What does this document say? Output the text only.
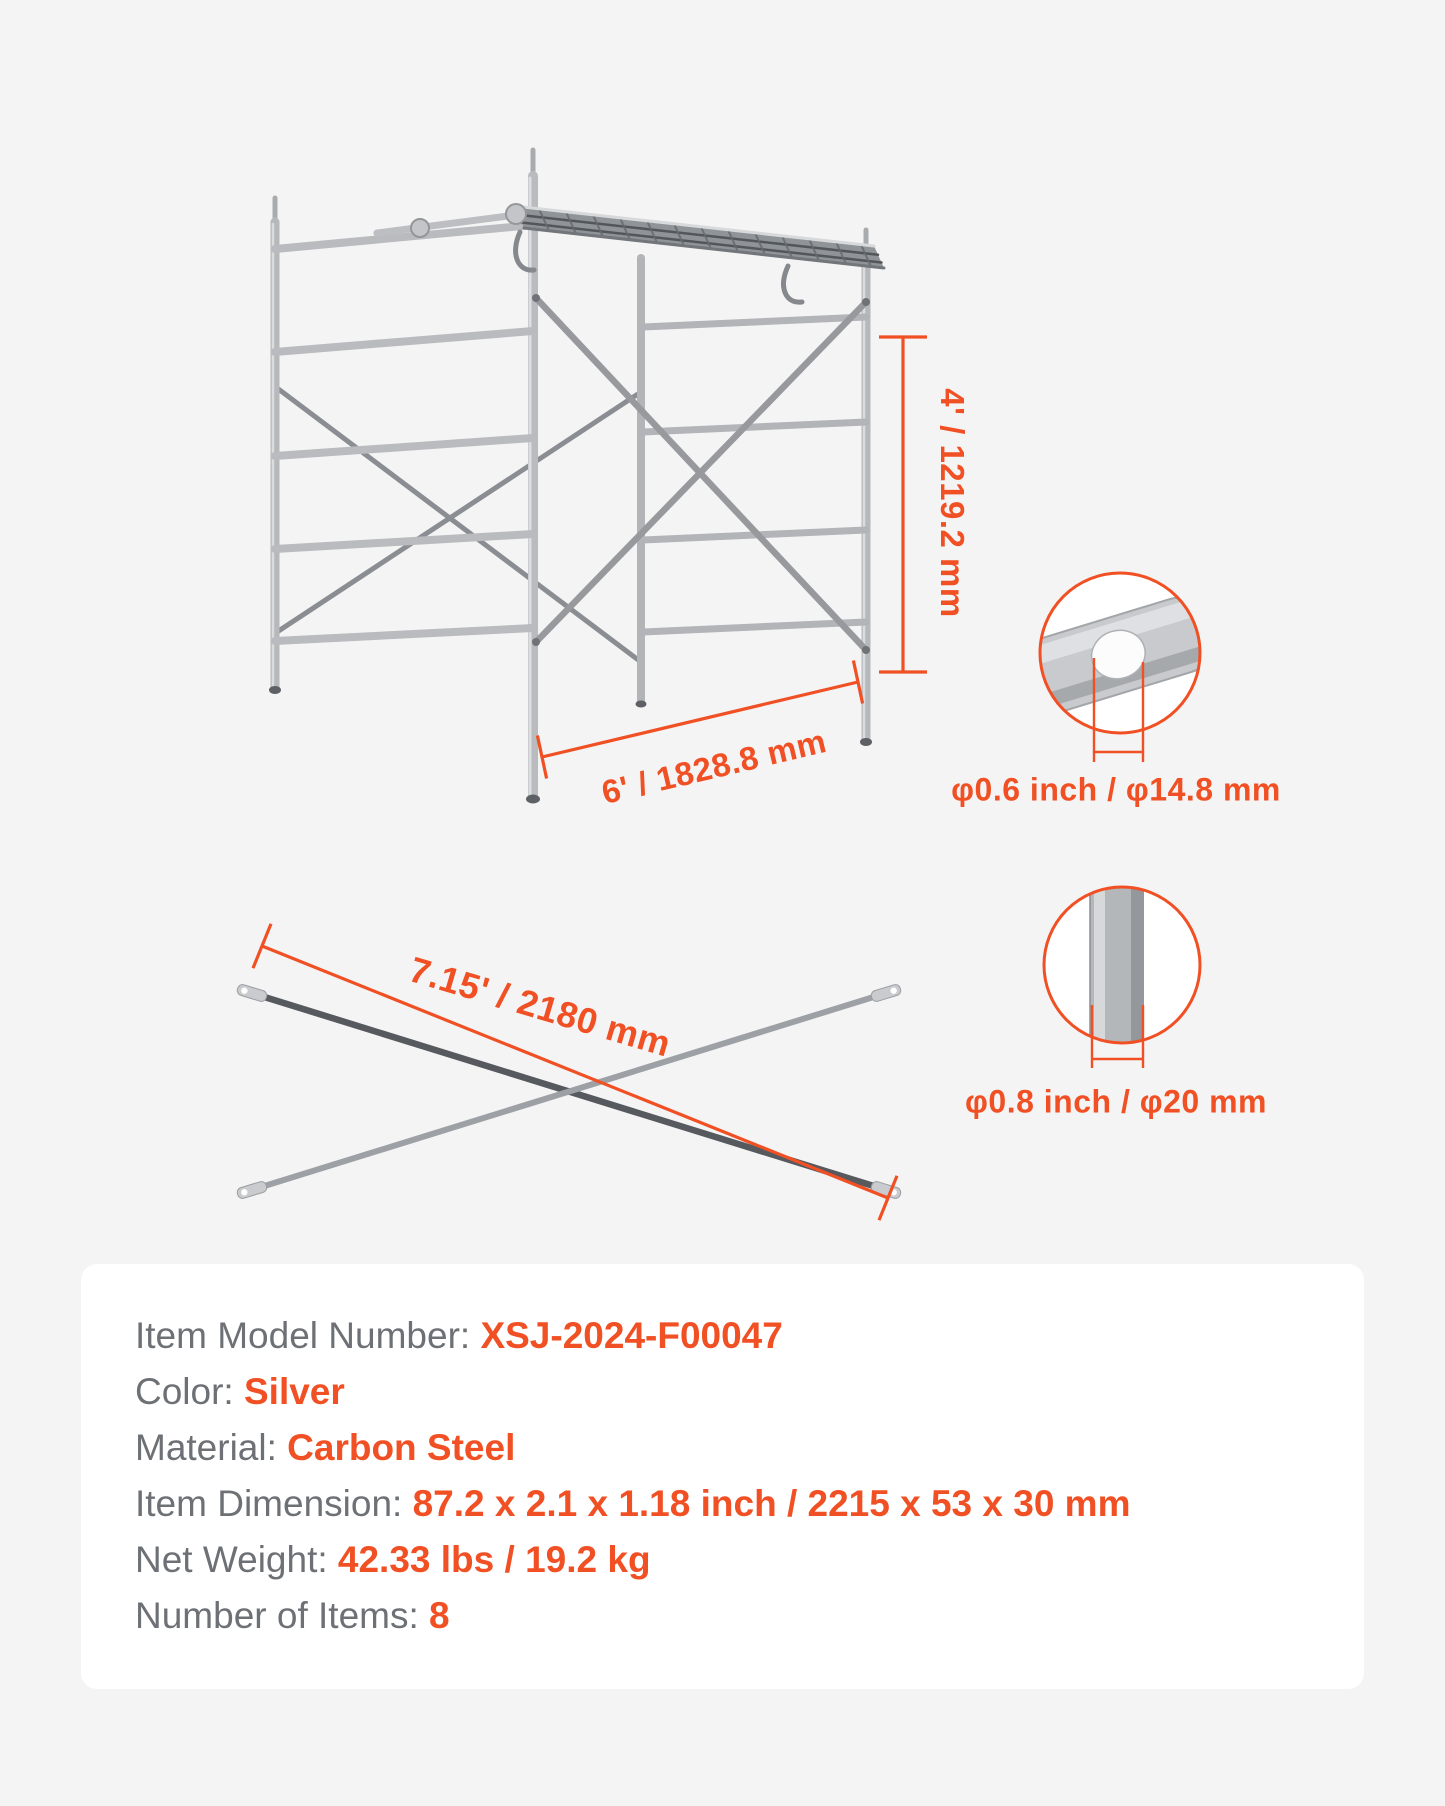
4' / 1219.2 mm
6' / 1828.8 mm
7.15' / 2180 mm
φ0.6 inch / φ14.8 mm
φ0.8 inch / φ20 mm
Item Model Number: XSJ-2024-F00047
Color: Silver
Material: Carbon Steel
Item Dimension: 87.2 x 2.1 x 1.18 inch / 2215 x 53 x 30 mm
Net Weight: 42.33 lbs / 19.2 kg
Number of Items: 8
